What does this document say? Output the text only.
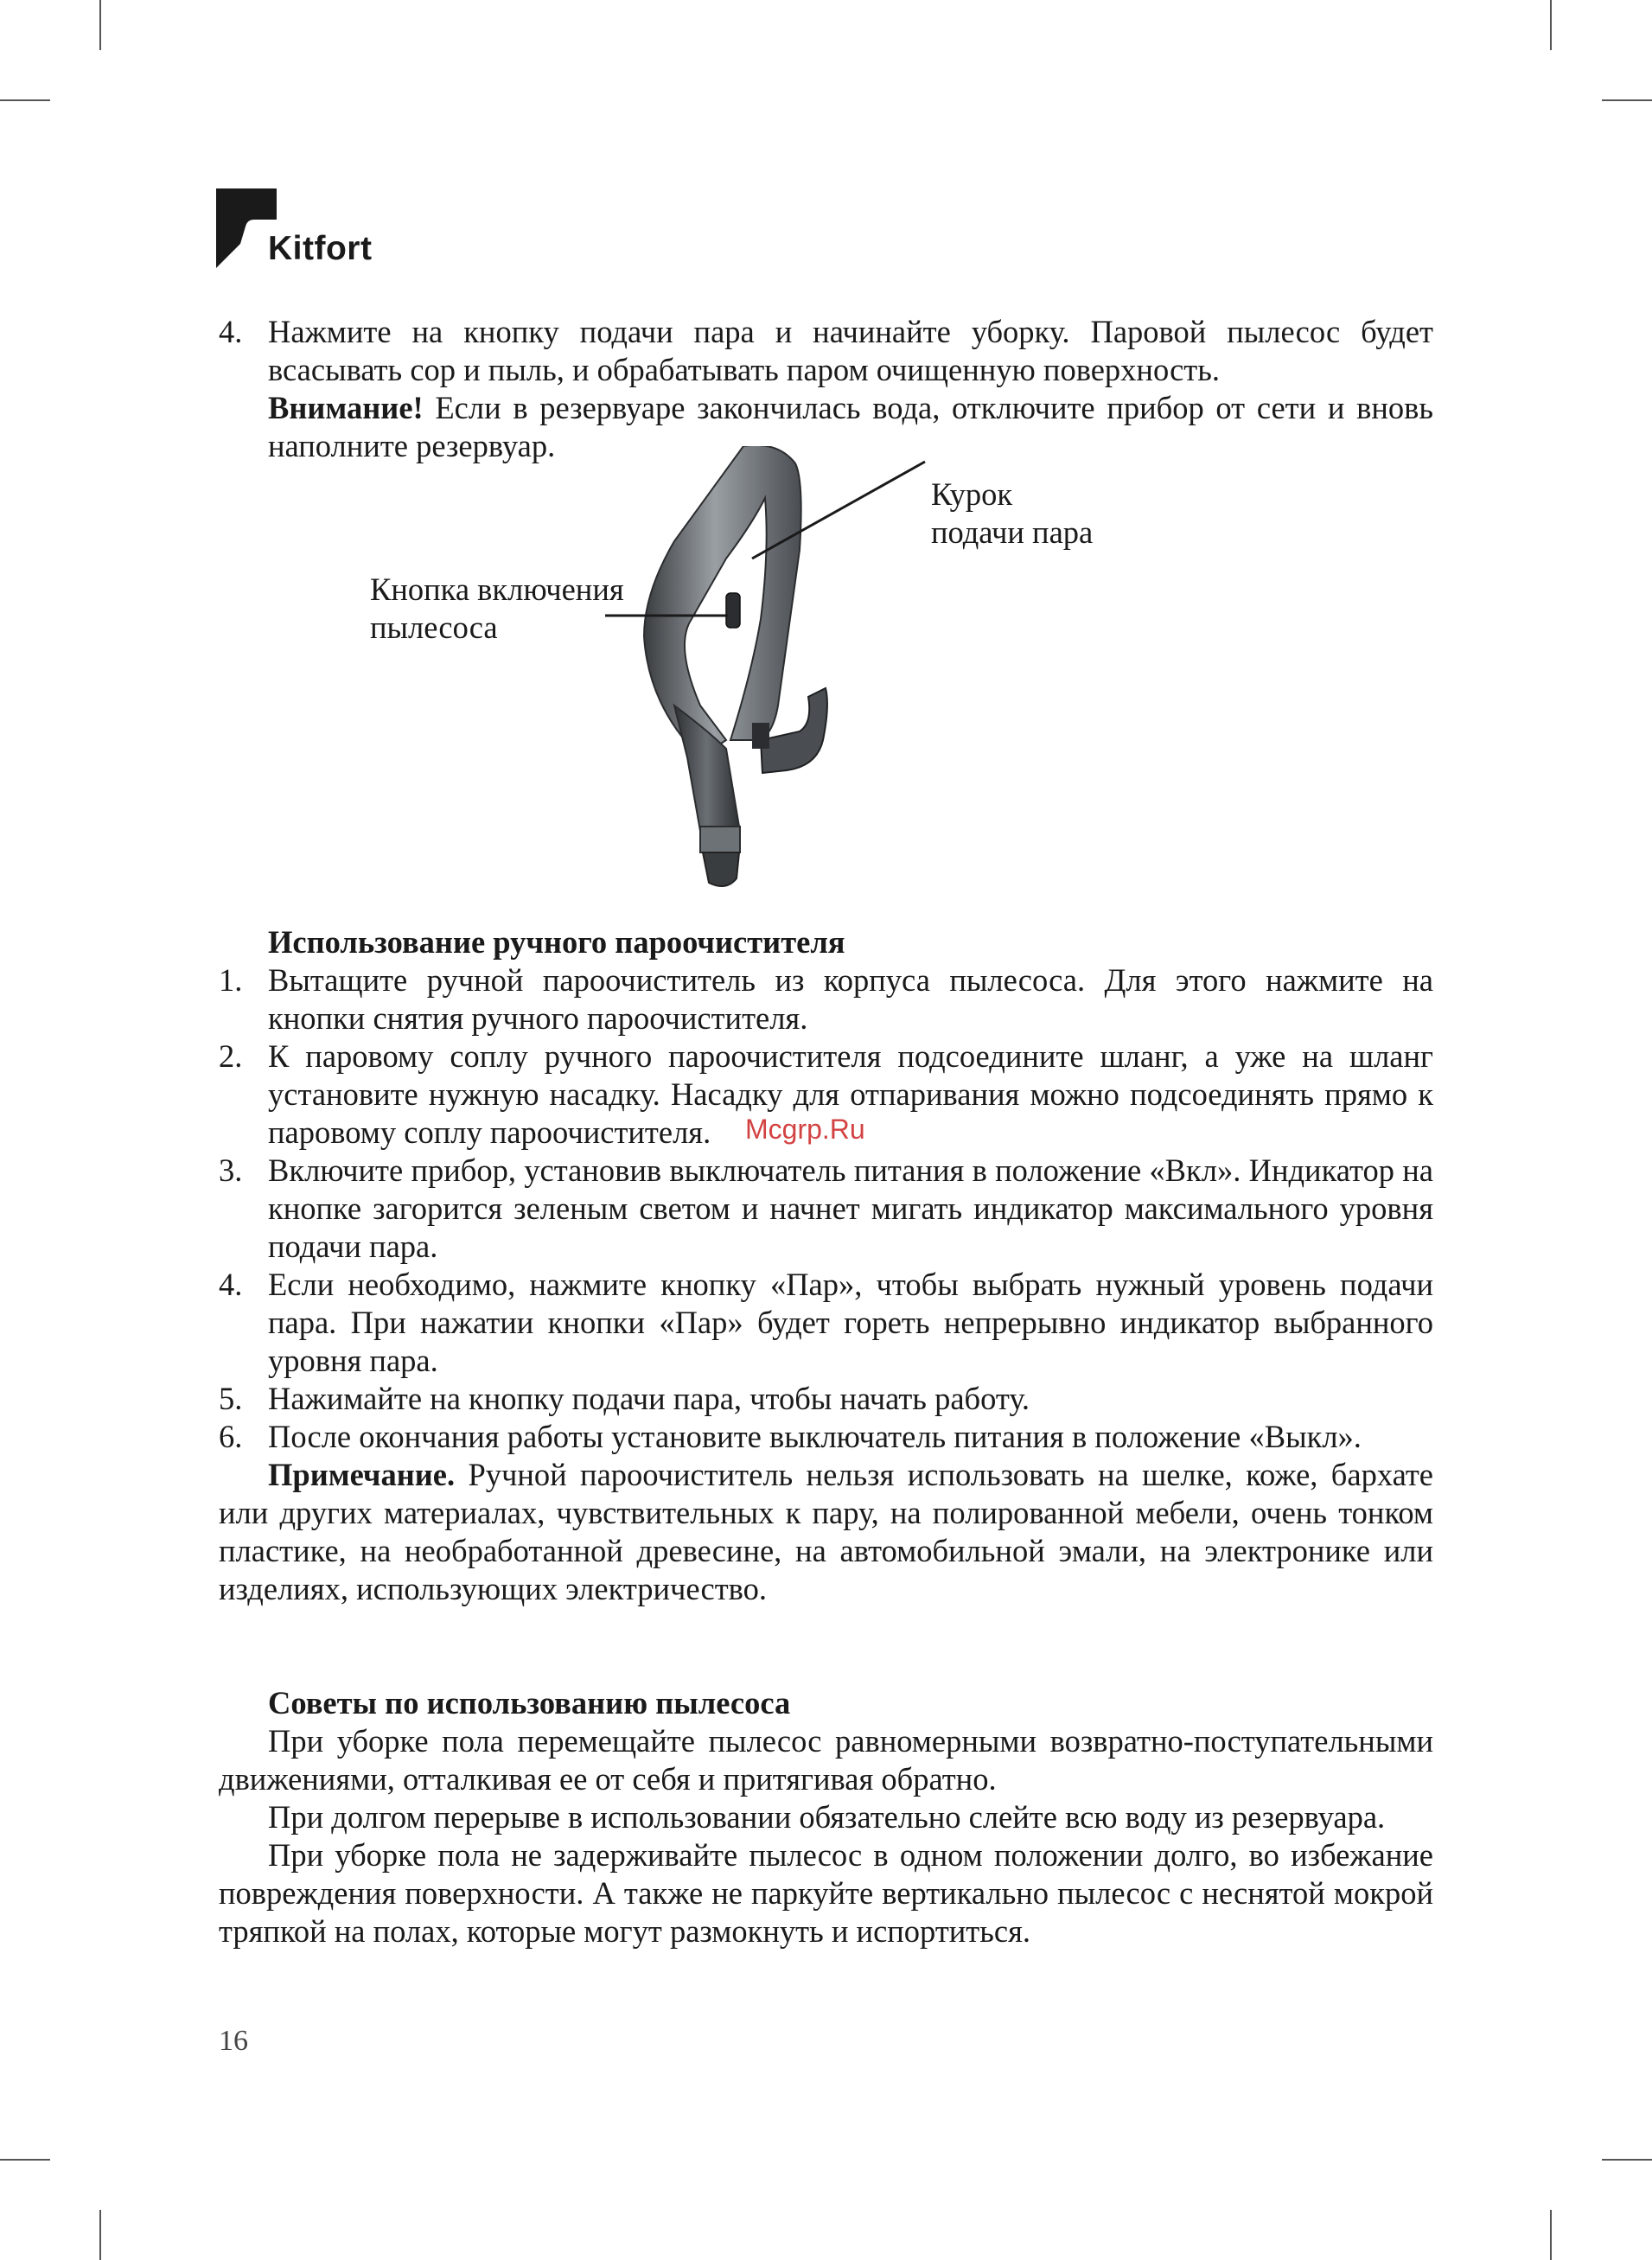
Kitfort
4. Нажмите на кнопку подачи пара и начинайте уборку. Паровой пылесос будет всасывать сор и пыль, и обрабатывать паром очищенную поверхность.
Внимание! Если в резервуаре закончилась вода, отключите прибор от сети и вновь наполните резервуар.
Курок
подачи пара
Кнопка включения
пылесоса
Использование ручного пароочистителя
1. Вытащите ручной пароочиститель из корпуса пылесоса. Для этого нажмите на кнопки снятия ручного пароочистителя.
2. К паровому соплу ручного пароочистителя подсоедините шланг, а уже на шланг установите нужную насадку. Насадку для отпаривания можно подсоединять прямо к паровому соплу пароочистителя.
3. Включите прибор, установив выключатель питания в положение «Вкл». Индикатор на кнопке загорится зеленым светом и начнет мигать индикатор максимального уровня подачи пара.
4. Если необходимо, нажмите кнопку «Пар», чтобы выбрать нужный уровень подачи пара. При нажатии кнопки «Пар» будет гореть непрерывно индикатор выбранного уровня пара.
5. Нажимайте на кнопку подачи пара, чтобы начать работу.
6. После окончания работы установите выключатель питания в положение «Выкл».

Примечание. Ручной пароочиститель нельзя использовать на шелке, коже, бархате или других материалах, чувствительных к пару, на полированной мебели, очень тонком пластике, на необработанной древесине, на автомобильной эмали, на электронике или изделиях, использующих электричество.

Советы по использованию пылесоса

При уборке пола перемещайте пылесос равномерными возвратно-поступательными движениями, отталкивая ее от себя и притягивая обратно.

При долгом перерыве в использовании обязательно слейте всю воду из резервуара.

При уборке пола не задерживайте пылесос в одном положении долго, во избежание повреждения поверхности. А также не паркуйте вертикально пылесос с неснятой мокрой тряпкой на полах, которые могут размокнуть и испортиться.

Mcgrp.Ru
16
